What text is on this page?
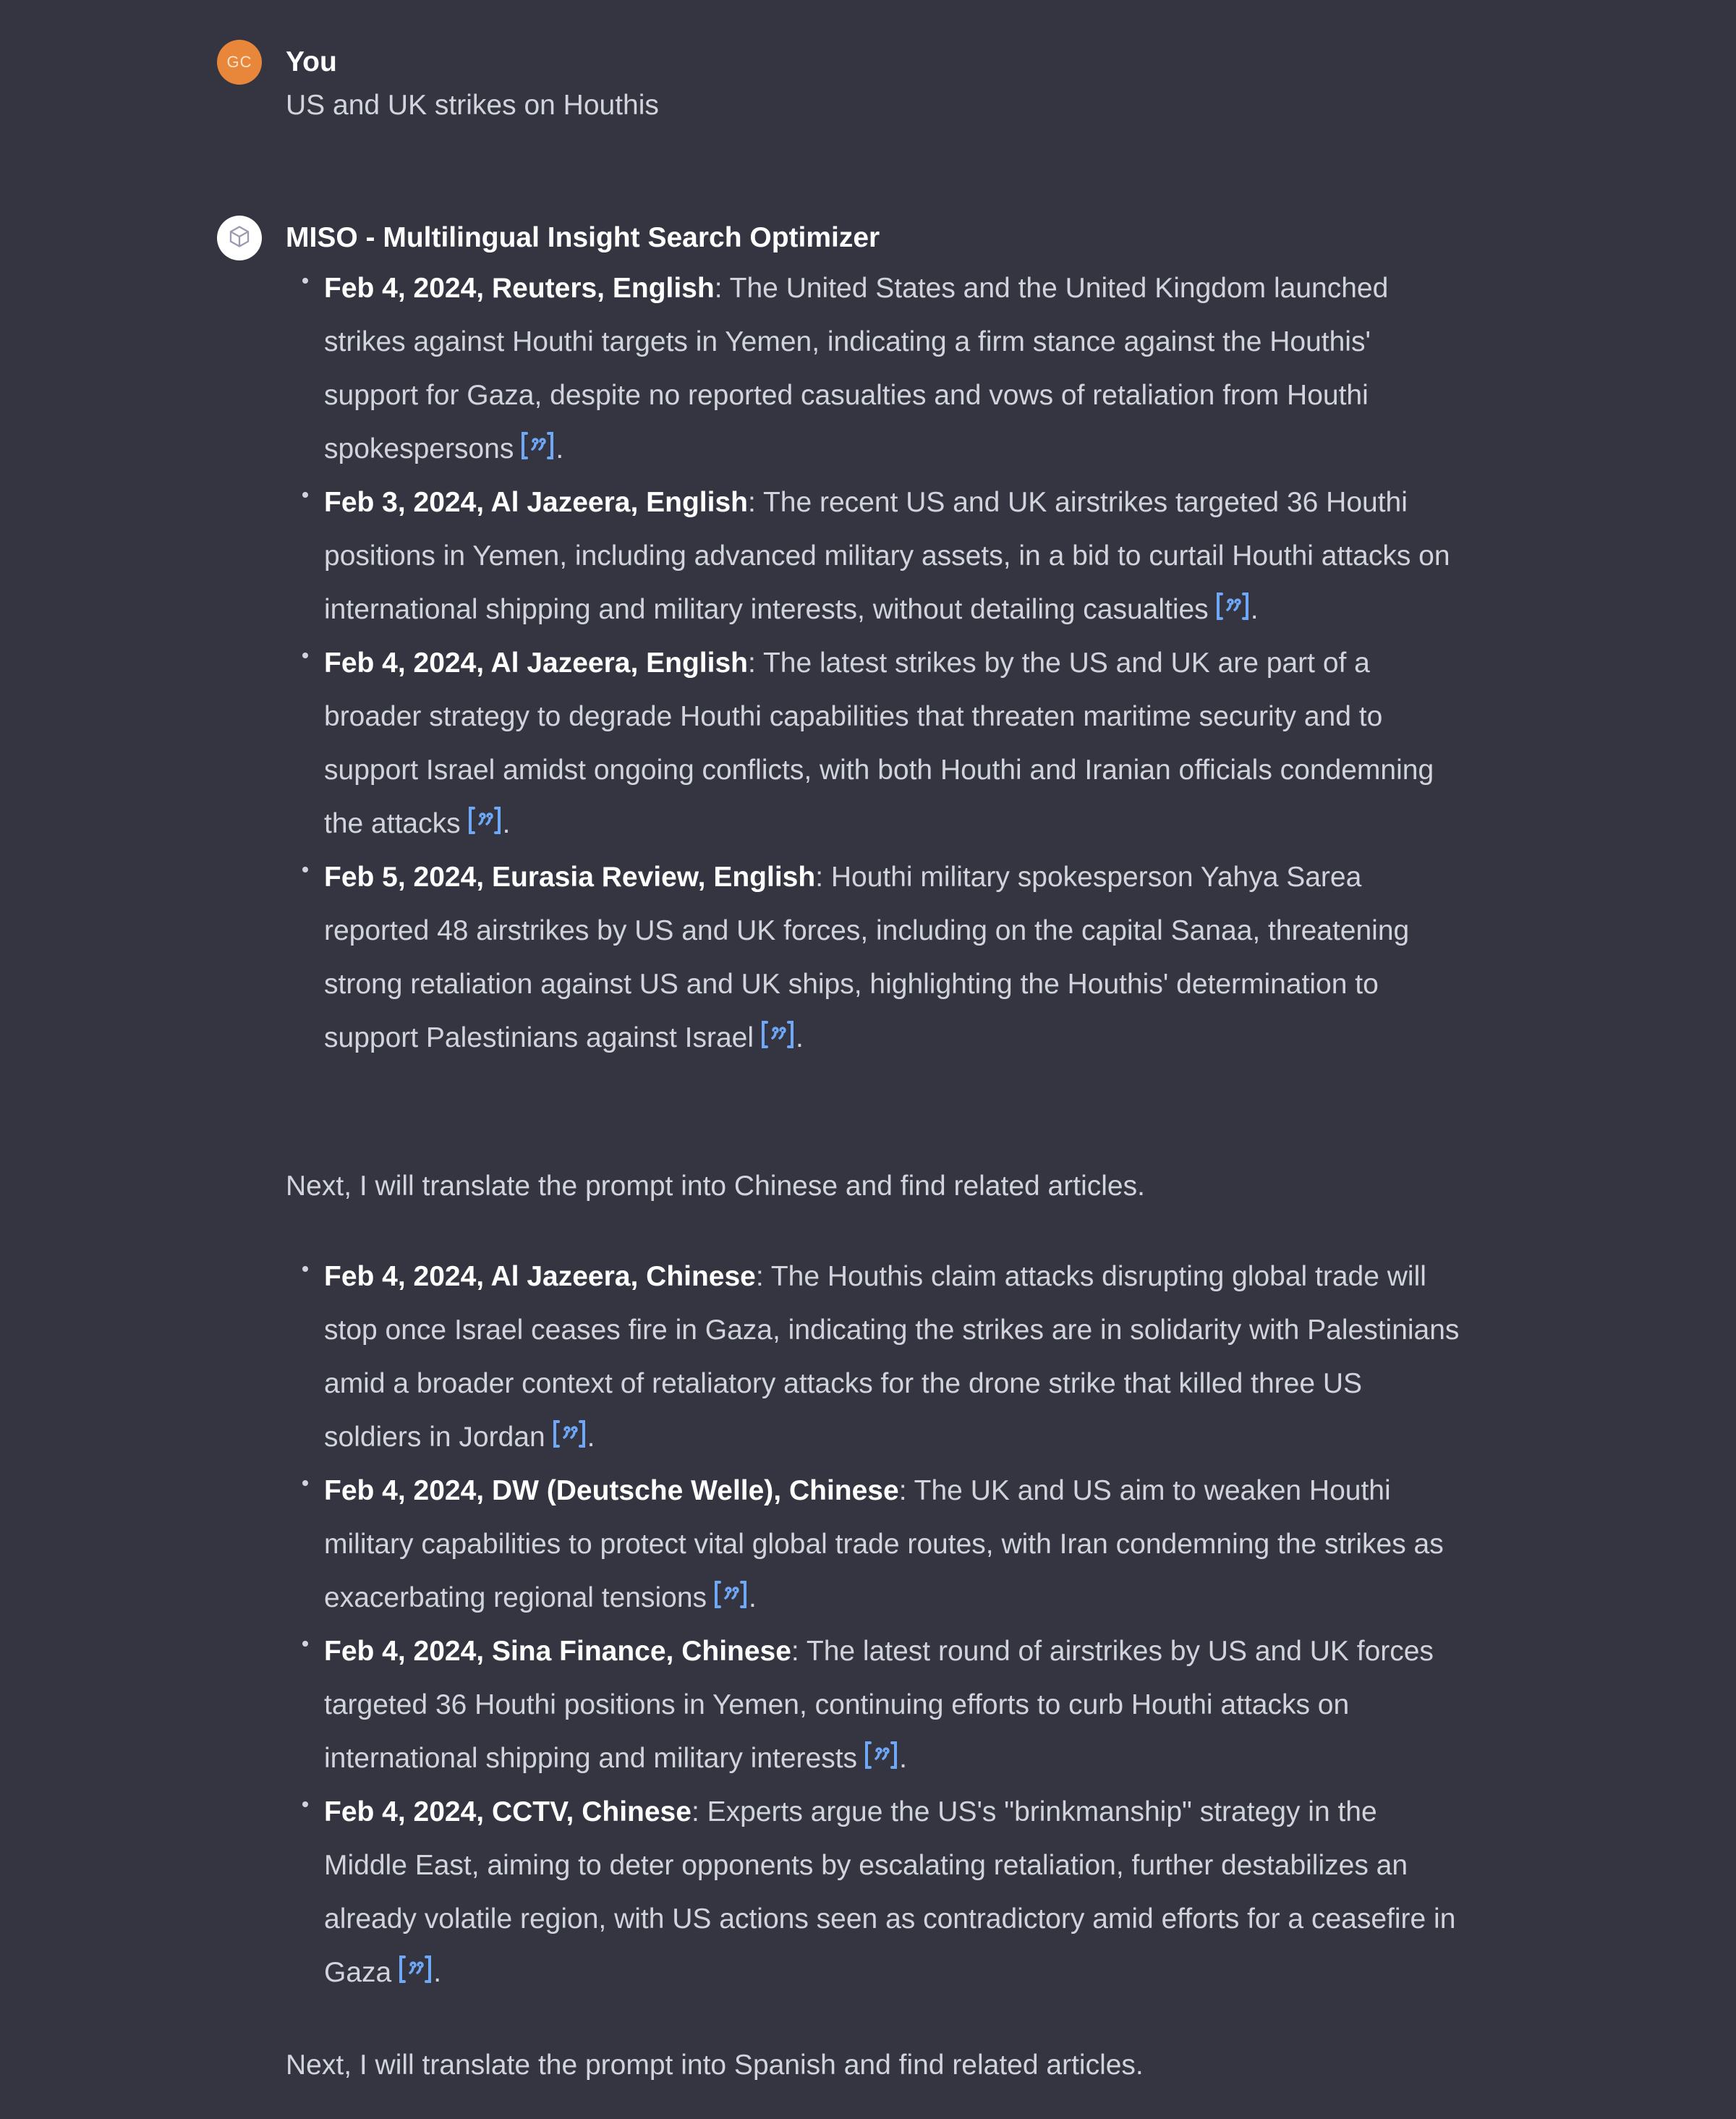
GC You
US and UK strikes on Houthis
MISO - Multilingual Insight Search Optimizer
Feb 4, 2024, Reuters, English: The United States and the United Kingdom launched strikes against Houthi targets in Yemen, indicating a firm stance against the Houthis' support for Gaza, despite no reported casualties and vows of retaliation from Houthi spokespersons .
Feb 3, 2024, Al Jazeera, English: The recent US and UK airstrikes targeted 36 Houthi positions in Yemen, including advanced military assets, in a bid to curtail Houthi attacks on international shipping and military interests, without detailing casualties .
Feb 4, 2024, Al Jazeera, English: The latest strikes by the US and UK are part of a broader strategy to degrade Houthi capabilities that threaten maritime security and to support Israel amidst ongoing conflicts, with both Houthi and Iranian officials condemning the attacks .
Feb 5, 2024, Eurasia Review, English: Houthi military spokesperson Yahya Sarea reported 48 airstrikes by US and UK forces, including on the capital Sanaa, threatening strong retaliation against US and UK ships, highlighting the Houthis' determination to support Palestinians against Israel .
Next, I will translate the prompt into Chinese and find related articles.
Feb 4, 2024, Al Jazeera, Chinese: The Houthis claim attacks disrupting global trade will stop once Israel ceases fire in Gaza, indicating the strikes are in solidarity with Palestinians amid a broader context of retaliatory attacks for the drone strike that killed three US soldiers in Jordan .
Feb 4, 2024, DW (Deutsche Welle), Chinese: The UK and US aim to weaken Houthi military capabilities to protect vital global trade routes, with Iran condemning the strikes as exacerbating regional tensions .
Feb 4, 2024, Sina Finance, Chinese: The latest round of airstrikes by US and UK forces targeted 36 Houthi positions in Yemen, continuing efforts to curb Houthi attacks on international shipping and military interests .
Feb 4, 2024, CCTV, Chinese: Experts argue the US's "brinkmanship" strategy in the Middle East, aiming to deter opponents by escalating retaliation, further destabilizes an already volatile region, with US actions seen as contradictory amid efforts for a ceasefire in Gaza .
Next, I will translate the prompt into Spanish and find related articles.
